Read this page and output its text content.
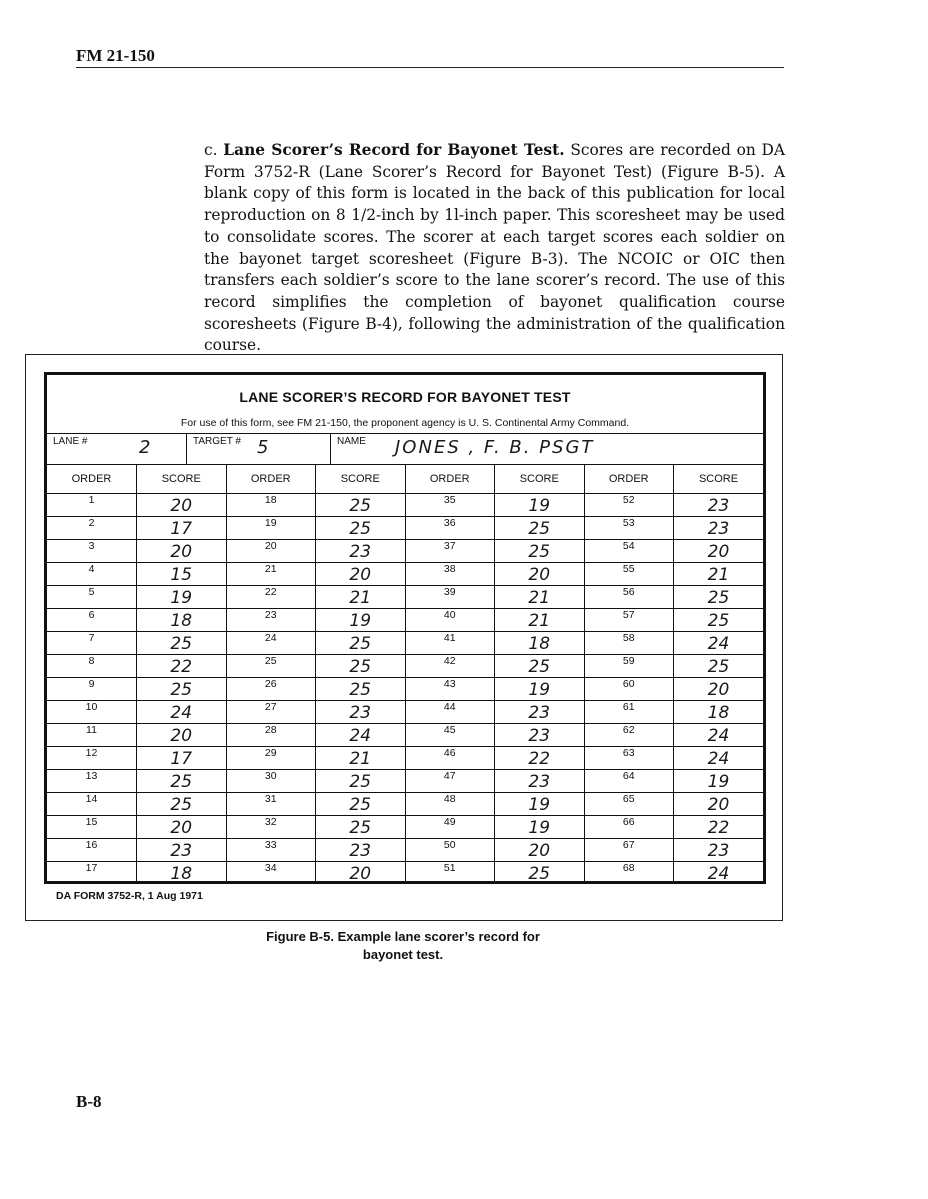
FM 21-150
c. Lane Scorer’s Record for Bayonet Test. Scores are recorded on DA Form 3752-R (Lane Scorer’s Record for Bayonet Test) (Figure B-5). A blank copy of this form is located in the back of this publication for local reproduction on 8 1/2-inch by 1l-inch paper. This scoresheet may be used to consolidate scores. The scorer at each target scores each soldier on the bayonet target scoresheet (Figure B-3). The NCOIC or OIC then transfers each soldier’s score to the lane scorer’s record. The use of this record simplifies the completion of bayonet qualification course scoresheets (Figure B-4), following the administration of the qualification course.
LANE SCORER’S RECORD FOR BAYONET TEST
For use of this form, see FM 21-150, the proponent agency is U. S. Continental Army Command.
LANE #	2	TARGET # 5	NAME JONES , F. B. PSGT
ORDER	SCORE	ORDER	SCORE	ORDER	SCORE	ORDER	SCORE
1	20	18	25	35	19	52	23
2	17	19	25	36	25	53	23
3	20	20	23	37	25	54	20
4	15	21	20	38	20	55	21
5	19	22	21	39	21	56	25
6	18	23	19	40	21	57	25
7	25	24	25	41	18	58	24
8	22	25	25	42	25	59	25
9	25	26	25	43	19	60	20
10	24	27	23	44	23	61	18
11	20	28	24	45	23	62	24
12	17	29	21	46	22	63	24
13	25	30	25	47	23	64	19
14	25	31	25	48	19	65	20
15	20	32	25	49	19	66	22
16	23	33	23	50	20	67	23
17	18	34	20	51	25	68	24
DA FORM 3752-R, 1 Aug 1971
Figure B-5. Example lane scorer’s record for
bayonet test.
B-8
